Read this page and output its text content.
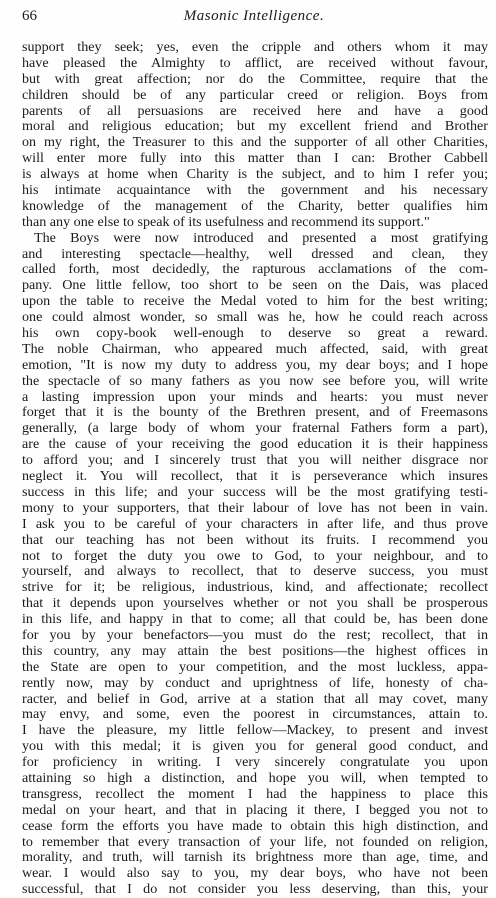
66	Masonic Intelligence.
support they seek; yes, even the cripple and others whom it may
have pleased the Almighty to afflict, are received without favour,
but with great affection; nor do the Committee, require that the
children should be of any particular creed or religion. Boys from
parents of all persuasions are received here and have a good
moral and religious education; but my excellent friend and Brother
on my right, the Treasurer to this and the supporter of all other Charities,
will enter more fully into this matter than I can: Brother Cabbell
is always at home when Charity is the subject, and to him I refer you;
his intimate acquaintance with the government and his necessary
knowledge of the management of the Charity, better qualifies him
than any one else to speak of its usefulness and recommend its support."
The Boys were now introduced and presented a most gratifying
and interesting spectacle—healthy, well dressed and clean, they
called forth, most decidedly, the rapturous acclamations of the com-
pany. One little fellow, too short to be seen on the Dais, was placed
upon the table to receive the Medal voted to him for the best writing;
one could almost wonder, so small was he, how he could reach across
his own copy-book well-enough to deserve so great a reward.
The noble Chairman, who appeared much affected, said, with great
emotion, "It is now my duty to address you, my dear boys; and I hope
the spectacle of so many fathers as you now see before you, will write
a lasting impression upon your minds and hearts: you must never
forget that it is the bounty of the Brethren present, and of Freemasons
generally, (a large body of whom your fraternal Fathers form a part),
are the cause of your receiving the good education it is their happiness
to afford you; and I sincerely trust that you will neither disgrace nor
neglect it. You will recollect, that it is perseverance which insures
success in this life; and your success will be the most gratifying testi-
mony to your supporters, that their labour of love has not been in vain.
I ask you to be careful of your characters in after life, and thus prove
that our teaching has not been without its fruits. I recommend you
not to forget the duty you owe to God, to your neighbour, and to
yourself, and always to recollect, that to deserve success, you must
strive for it; be religious, industrious, kind, and affectionate; recollect
that it depends upon yourselves whether or not you shall be prosperous
in this life, and happy in that to come; all that could be, has been done
for you by your benefactors—you must do the rest; recollect, that in
this country, any may attain the best positions—the highest offices in
the State are open to your competition, and the most luckless, appa-
rently now, may by conduct and uprightness of life, honesty of cha-
racter, and belief in God, arrive at a station that all may covet, many
may envy, and some, even the poorest in circumstances, attain to.
I have the pleasure, my little fellow—Mackey, to present and invest
you with this medal; it is given you for general good conduct, and
for proficiency in writing. I very sincerely congratulate you upon
attaining so high a distinction, and hope you will, when tempted to
transgress, recollect the moment I had the happiness to place this
medal on your heart, and that in placing it there, I begged you not to
cease form the efforts you have made to obtain this high distinction, and
to remember that every transaction of your life, not founded on religion,
morality, and truth, will tarnish its brightness more than age, time, and
wear. I would also say to you, my dear boys, who have not been
successful, that I do not consider you less deserving, than this, your
